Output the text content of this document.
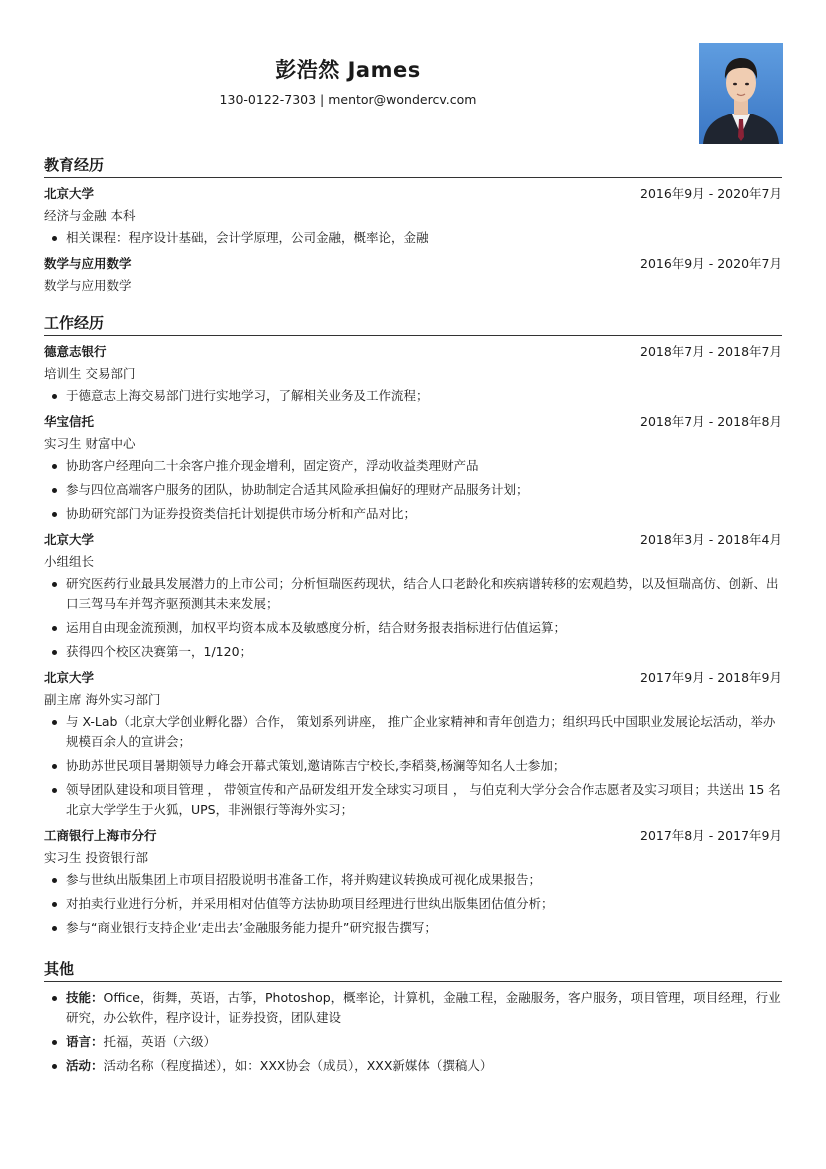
彭浩然 James
130-0122-7303 | mentor@wondercv.com
教育经历
北京大学	2016年9月 - 2020年7月
经济与金融 本科
相关课程：程序设计基础，会计学原理，公司金融，概率论，金融
数学与应用数学	2016年9月 - 2020年7月
数学与应用数学
工作经历
德意志银行	2018年7月 - 2018年7月
培训生 交易部门
于德意志上海交易部门进行实地学习，了解相关业务及工作流程；
华宝信托	2018年7月 - 2018年8月
实习生 财富中心
协助客户经理向二十余客户推介现金增利，固定资产，浮动收益类理财产品
参与四位高端客户服务的团队，协助制定合适其风险承担偏好的理财产品服务计划；
协助研究部门为证券投资类信托计划提供市场分析和产品对比；
北京大学	2018年3月 - 2018年4月
小组组长
研究医药行业最具发展潜力的上市公司；分析恒瑞医药现状，结合人口老龄化和疾病谱转移的宏观趋势，以及恒瑞高仿、创新、出口三驾马车并驾齐驱预测其未来发展；
运用自由现金流预测，加权平均资本成本及敏感度分析，结合财务报表指标进行估值运算；
获得四个校区决赛第一，1/120；
北京大学	2017年9月 - 2018年9月
副主席 海外实习部门
与 X-Lab（北京大学创业孵化器）合作， 策划系列讲座， 推广企业家精神和青年创造力；组织玛氏中国职业发展论坛活动，举办规模百余人的宣讲会；
协助苏世民项目暑期领导力峰会开幕式策划,邀请陈吉宁校长,李稻葵,杨澜等知名人士参加；
领导团队建设和项目管理 ， 带领宣传和产品研发组开发全球实习项目 ， 与伯克利大学分会合作志愿者及实习项目；共送出 15 名北京大学学生于火狐，UPS，非洲银行等海外实习；
工商银行上海市分行	2017年8月 - 2017年9月
实习生 投资银行部
参与世纨出版集团上市项目招股说明书准备工作，将并购建议转换成可视化成果报告；
对拍卖行业进行分析，并采用相对估值等方法协助项目经理进行世纨出版集团估值分析；
参与“商业银行支持企业‘走出去’金融服务能力提升”研究报告撰写；
其他
技能：Office，街舞，英语，古筝，Photoshop，概率论，计算机，金融工程，金融服务，客户服务，项目管理，项目经理，行业研究，办公软件，程序设计，证券投资，团队建设
语言：托福，英语（六级）
活动：活动名称（程度描述），如：XXX协会（成员），XXX新媒体（撰稿人）
